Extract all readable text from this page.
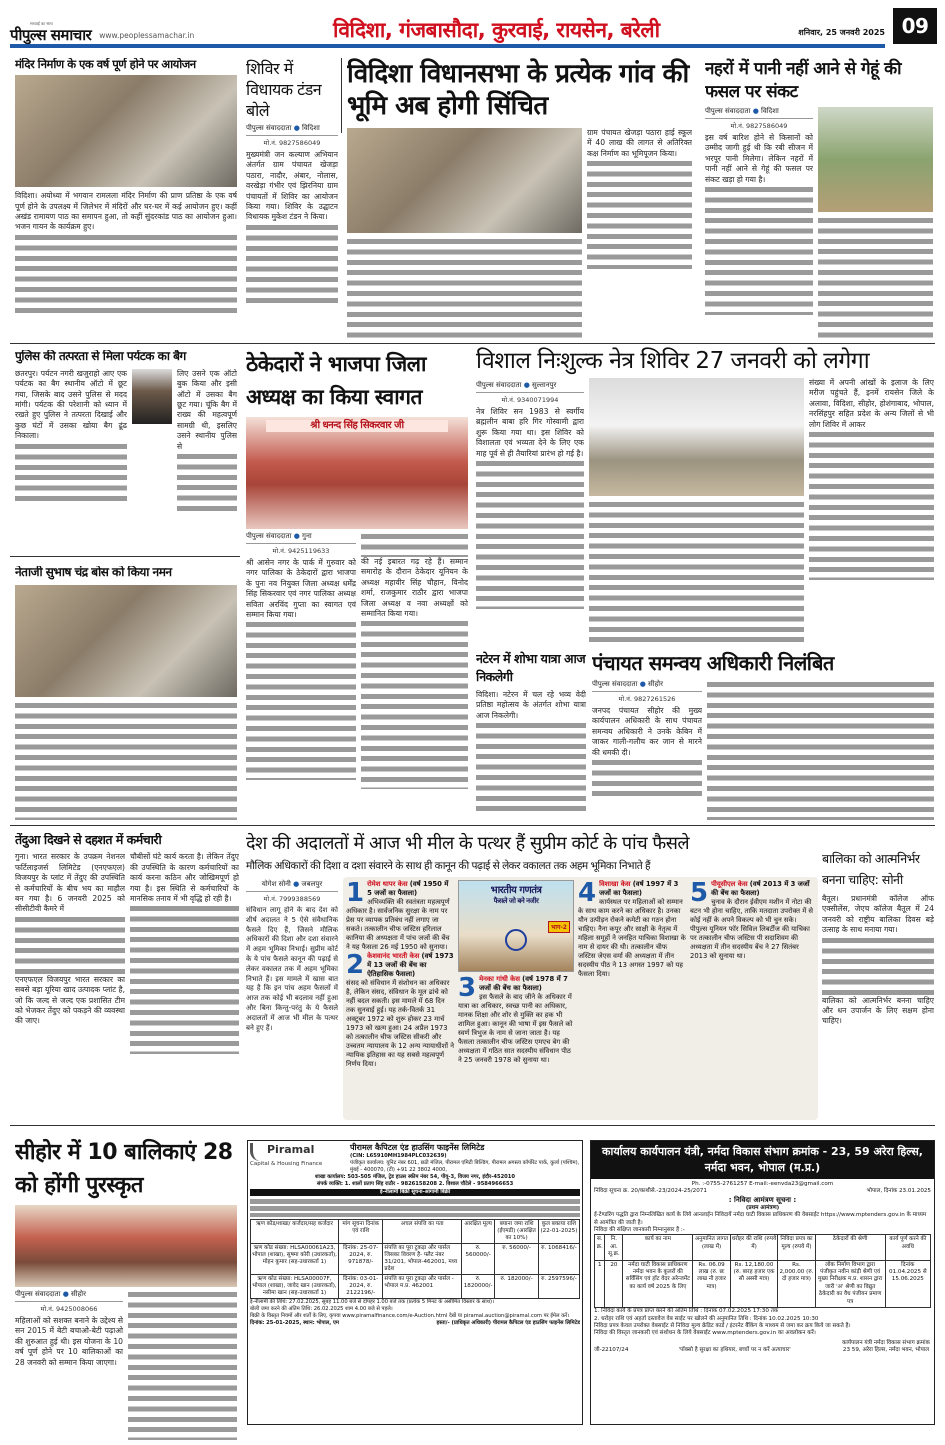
सच्चाई का साथ
पीपुल्स समाचार www.peoplessamachar.in	विदिशा, गंजबासौदा, कुरवाई, रायसेन, बरेली	शनिवार, 25 जनवरी 2025 09
मंदिर निर्माण के एक वर्ष पूर्ण होने पर आयोजन
विदिशा। अयोध्या में भगवान रामलला मंदिर निर्माण की प्राण प्रतिष्ठा के एक वर्ष पूर्ण होने के उपलक्ष्य में जिलेभर में मंदिरों और घर-घर में कई आयोजन हुए। कहीं अखंड रामायण पाठ का समापन हुआ, तो कहीं सुंदरकांड पाठ का आयोजन हुआ। भजन गायन के कार्यक्रम हुए।
शिविर में विधायक टंडन बोले
पीपुल्स संवाददाता ● विदिशा
मो.नं. 9827586049
मुख्यमंत्री जन कल्याण अभियान अंतर्गत ग्राम पंचायत खेजड़ा पठारा, नादौर, अंबार, नोलास, वरखेड़ा गंभीर एवं झिरनिया ग्राम पंचायतों में शिविर का आयोजन किया गया। शिविर के उद्घाटन विधायक मुकेश टंडन ने किया।
विदिशा विधानसभा के प्रत्येक गांव की भूमि अब होगी सिंचित
ग्राम पंचायत खेजड़ा पठारा हाई स्कूल में 40 लाख की लागत से अतिरिक्त कक्ष निर्माण का भूमिपूजन किया।
नहरों में पानी नहीं आने से गेहूं की फसल पर संकट
पीपुल्स संवाददाता ● विदिशा
मो.नं. 9827586049
इस वर्ष बारिश होने से किसानों को उम्मीद जागी हुई थी कि रबी सीजन में भरपूर पानी मिलेगा। लेकिन नहरों में पानी नहीं आने से गेहूं की फसल पर संकट खड़ा हो गया है।
पुलिस की तत्परता से मिला पर्यटक का बैग
छतरपुर। पर्यटन नगरी खजुराहो आए एक पर्यटक का बैग स्थानीय ऑटो में छूट गया, जिसके बाद उसने पुलिस से मदद मांगी। पर्यटक की परेशानी को ध्यान में रखते हुए पुलिस ने तत्परता दिखाई और कुछ घंटों में उसका खोया बैग ढूंढ निकाला।
लिए उसने एक ऑटो बुक किया और इसी ऑटो में उसका बैग छूट गया। चूंकि बैग में राख्य की महत्वपूर्ण सामग्री थी, इसलिए उसने स्थानीय पुलिस से
ठेकेदारों ने भाजपा जिला अध्यक्ष का किया स्वागत
श्री धनन्द सिंह सिकरवार जी
पीपुल्स संवाददाता ● गुना
मो.नं. 9425119633
श्री आसेन नगर के पार्क में गुरुवार को नगर पालिका के ठेकेदारों द्वारा भाजपा के पुनः नव नियुक्त जिला अध्यक्ष धर्मेंद्र सिंह सिकरवार एवं नगर पालिका अध्यक्ष सविता अरविंद गुप्ता का स्वागत एवं सम्मान किया गया।
की नई इबारत गढ़ रहे हैं। सम्मान समारोह के दौरान ठेकेदार यूनियन के अध्यक्ष महावीर सिंह चौहान, विनोद शर्मा, राजकुमार राठौर द्वारा भाजपा जिला अध्यक्ष व नवा अध्यक्षों को सम्मानित किया गया।
विशाल निःशुल्क नेत्र शिविर 27 जनवरी को लगेगा
पीपुल्स संवाददाता ● सुल्तानपुर
मो.नं. 9340071994
नेत्र शिविर सन 1983 से स्वर्गीय ब्रह्मलीन बाबा हरि गिर गोस्वामी द्वारा शुरू किया गया था। इस शिविर को विशालता एवं भव्यता देने के लिए एक माह पूर्व से ही तैयारियां प्रारंभ हो गई है।
संख्या में अपनी आंखों के इलाज के लिए मरीज पहुंचते हैं, इनमें रायसेन जिले के अलावा, विदिशा, सीहोर, होशंगाबाद, भोपाल, नरसिंहपुर सहित प्रदेश के अन्य जिलों से भी लोग शिविर में आकर
नेताजी सुभाष चंद्र बोस को किया नमन
नटेरन में शोभा यात्रा आज निकलेगी
विदिशा। नटेरन में चल रहे भव्य वेदी प्रतिष्ठा महोत्सव के अंतर्गत शोभा यात्रा आज निकलेगी।
पंचायत समन्वय अधिकारी निलंबित
पीपुल्स संवाददाता ● सीहोर
मो.नं. 9827261526
जनपद पंचायत सीहोर की मुख्य कार्यपालन अधिकारी के साथ पंचायत समन्वय अधिकारी ने उनके केबिन में जाकर गाली-गलौच कर जान से मारने की धमकी दी।
तेंदुआ दिखने से दहशत में कर्मचारी
गुना। भारत सरकार के उपक्रम नेशनल फर्टिलाइजर्स लिमिटेड (एनएफएल) विजयपुर के प्लांट में तेंदुए की उपस्थिति से कर्मचारियों के बीच भय का माहौल बन गया है। 6 जनवरी 2025 को सीसीटीवी कैमरे में
एनएफएल विजयपुर भारत सरकार का सबसे बड़ा यूरिया खाद उत्पादक प्लांट है, जो कि जल्द से जल्द एक प्रशासित टीम को भेजकर तेंदुए को पकड़ने की व्यवस्था की जाए।
चौबीसों घंटे कार्य करता है। लेकिन तेंदुए की उपस्थिति के कारण कर्मचारियों का कार्य करना कठिन और जोखिमपूर्ण हो गया है। इस स्थिति से कर्मचारियों के मानसिक तनाव में भी वृद्धि हो रही है।
देश की अदालतों में आज भी मील के पत्थर हैं सुप्रीम कोर्ट के पांच फैसले
मौलिक अधिकारों की दिशा व दशा संवारने के साथ ही कानून की पढ़ाई से लेकर वकालत तक अहम भूमिका निभाते हैं
योगेश सोनी ● जबलपुर
मो.नं. 7999388569
संविधान लागू होने के बाद देश को शीर्ष अदालत ने 5 ऐसे संवैधानिक फैसले दिए हैं, जिसने मौलिक अधिकारों की दिशा और दशा संवारने में अहम भूमिका निभाई। सुप्रीम कोर्ट के ये पांच फैसले कानून की पढ़ाई से लेकर वकालत तक में अहम भूमिका निभाते हैं। इस मामले में खास बात यह है कि इन पांच अहम फैसलों में आज तक कोई भी बदलाव नहीं हुआ और बिना किन्तु-परंतु के ये फैसले अदालतों में आज भी मील के पत्थर बने हुए हैं।
1 रोमेश थापर केस (वर्ष 1950 में 5 जजों का फैसला)
अभिव्यक्ति की स्वतंत्रता महत्वपूर्ण अधिकार है। सार्वजनिक सुरक्षा के नाम पर प्रेस पर व्यापक प्रतिबंध नहीं लगाए जा सकते। तत्कालीन चीफ जस्टिस हरिलाल कानिया की अध्यक्षता में पांच जजों की बेंच ने यह फैसला 26 मई 1950 को सुनाया।
2 केशवानंद भारती केस (वर्ष 1973 में 13 जजों की बेंच का ऐतिहासिक फैसला)
संसद को संविधान में संशोधन का अधिकार है, लेकिन संसद, संविधान के मूल ढांचे को नहीं बदल सकती। इस मामले में 68 दिन तक सुनवाई हुई। यह तर्क-वितर्क 31 अक्टूबर 1972 को शुरू होकर 23 मार्च 1973 को खत्म हुआ। 24 अप्रैल 1973 को तत्कालीन चीफ जस्टिस सीकरी और उच्चतम न्यायालय के 12 अन्य न्यायाधीशों ने न्यायिक इतिहास का यह सबसे महत्वपूर्ण निर्णय दिया।
भारतीय गणतंत्र
फैसले जो बने नजीर
भाग-2
3 मेनका गांधी केस (वर्ष 1978 में 7 जजों की बेंच का फैसला)
इस फैसले के बाद जीने के अधिकार में यात्रा का अधिकार, स्वच्छ पानी का अधिकार, मानक शिक्षा और शोर से मुक्ति का हक भी शामिल हुआ। कानून की भाषा में इस फैसले को स्वर्ण त्रिभुज के नाम से जाना जाता है। यह फैसला तत्कालीन चीफ जस्टिस एमएच बेग की अध्यक्षता में गठित सात सदस्यीय संविधान पीठ ने 25 जनवरी 1978 को सुनाया था।
4 विशाखा केस (वर्ष 1997 में 3 जजों का फैसला)
कार्यस्थल पर महिलाओं को सम्मान के साथ काम करने का अधिकार है। उनका यौन उत्पीड़न रोकने कमेटी का गठन होना चाहिए। नैना कपूर और साक्षी के नेतृत्व में महिला समूहों ने जनहित याचिका विशाखा के नाम से दायर की थी। तत्कालीन चीफ जस्टिस जेएस वर्मा की अध्यक्षता में तीन सदस्यीय पीठ ने 13 अगस्त 1997 को यह फैसला दिया।
5 पीयूसीएल केस (वर्ष 2013 में 3 जजों की बेंच का फैसला)
चुनाव के दौरान ईवीएम मशीन में नोटा की बटन भी होना चाहिए, ताकि मतदाता उपरोक्त में से कोई नहीं के अपने विकल्प को भी चुन सके। पीपुल्स यूनियन फॉर सिविल लिबर्टीज की याचिका पर तत्कालीन चीफ जस्टिस पी सदाशिवम की अध्यक्षता में तीन सदस्यीय बेंच ने 27 सितंबर 2013 को सुनाया था।
बालिका को आत्मनिर्भर बनना चाहिए: सोनी
बैतूल। प्रधानमंत्री कॉलेज ऑफ एक्सीलेंस, जेएच कॉलेज बैतूल में 24 जनवरी को राष्ट्रीय बालिका दिवस बड़े उत्साह के साथ मनाया गया।
बालिका को आत्मनिर्भर बनना चाहिए और धन उपार्जन के लिए सक्षम होना चाहिए।
सीहोर में 10 बालिकाएं 28 को होंगी पुरस्कृत
पीपुल्स संवाददाता ● सीहोर
मो.नं. 9425008066
महिलाओं को सशक्त बनाने के उद्देश्य से सन 2015 में बेटी बचाओ-बेटी पढ़ाओ की शुरुआत हुई थी। इस योजना के 10 वर्ष पूर्ण होने पर 10 बालिकाओं का 28 जनवरी को सम्मान किया जाएगा।
Piramal
Capital & Housing Finance
पीरामल कैपिटल एंड हाउसिंग फाइनेंस लिमिटेड
(CIN: L65910MH1984PLC032639)
पंजीकृत कार्यालय: यूनिट नंबर 601, छठी मंजिल, पीरामल एमिटी बिल्डिंग, पीरामल अगस्त्य कॉर्पोरेट पार्क, कुर्ला (पश्चिम), मुंबई - 400070, (टी) +91 22 3802 4000,
शाखा कार्यालय: 503-505 मंजिल, ट्रेड हाउस स्कीम नंबर 54, पीयू-3, विजय नगर, इंदौर-452010
संपर्क व्यक्ति: 1. शालों प्रताप सिंह राठौर - 9826158208 2. विशाल चौटेले - 9584966653
ई-नीलामी बिक्री सूचना-आगामी बिक्री
ऋण कोड/शाखा/ कर्जदार/सह कर्जदार	मांग सूचना दिनांक एवं राशि	अचल संपत्ति का पता	आरक्षित मूल्य	बयाना जमा राशि (ईएमडी) (आरक्षित का 10%)	कुल बकाया राशि (22-01-2025)
ऋण कोड संख्या: HLSA00061A23, भोपाल (शाखा), सुषमा कोरी (उधारकर्ता), मोहन कुमार (सह-उधारकर्ता 1)	दिनांक: 25-07-2024, रु. 971878/-	संपत्ति का पूरा टुकड़ा और पार्सल जिसका विवरण है- फ्लैट नंबर 31/201, भोपाल-462001, मध्य प्रदेश	रु. 560000/-	रु. 56000/-	रु. 1068416/-
ऋण कोड संख्या: HLSA00007F, भोपाल (शाखा), जावेद खान (उधारकर्ता), नसीमा खान (सह-उधारकर्ता 1)	दिनांक: 03-01-2024, रु. 2122196/-	संपत्ति का पूरा टुकड़ा और पार्सल - भोपाल म.प्र. 462001	रु. 1820000/-	रु. 182000/-	रु. 2597596/-
ई-नीलामी की तिथि: 27.02.2025, सुबह 11.00 बजे से दोपहर 1.00 बजे तक (प्रत्येक 5 मिनट के असीमित विस्तार के साथ)।
बोली जमा करने की अंतिम तिथि: 26.02.2025 शाम 4.00 बजे से पहले।
बिक्री के विस्तृत नियमों और शर्तों के लिए, कृपया www.piramalfinance.com/e-Auction.html देखें या piramal.auction@piramal.com पर ईमेल करें।
दिनांक: 25-01-2025, स्थान: भोपाल, एम	हस्ता/- (प्राधिकृत अधिकारी) पीरामल कैपिटल एंड हाउसिंग फाइनेंस लिमिटेड
कार्यालय कार्यपालन यंत्री, नर्मदा विकास संभाग क्रमांक - 23, 59 अरेरा हिल्स, नर्मदा भवन, भोपाल (म.प्र.)
Ph. :-0755-2761257 E-mail:-eenvda23@gmail.com
निविदा सूचना क्र. 20/काशीसे.-23/2024-25/2071	भोपाल, दिनांक 23.01.2025
: निविदा आमंत्रण सूचना :
(प्रथम आमंत्रण)
ई-टेण्डरिंग पद्धति द्वारा निम्नलिखित कार्य के लिये आनलाईन निविदायें नर्मदा घाटी विकास प्राधिकरण की वेबसाईट https://www.mptenders.gov.in के माध्यम से आमंत्रित की जाती है।
निविदा की संक्षिप्त जानकारी निम्नानुसार है :-
स. क्र.	नि. आ. सू.क्र.	कार्य का नाम	अनुमानित लागत (लाख में)	धरोहर की राशि (रुपये में)	निविदा प्रपत्र का मूल्य (रुपये में)	ठेकेदारों की श्रेणी	कार्य पूर्ण करने की अवधि
1	20	नर्मदा घाटी विकास प्राधिकरण नर्मदा भवन के कूलरों की सर्विसिंग एवं हॉट वेदर अरेन्जमेंट का कार्य वर्ष 2025 के लिए	Rs. 06.09 लाख (रु. छः लाख नौ हजार मात्र)	Rs. 12,180.00 (रु. बारह हजार एक सौ अस्सी मात्र)	Rs. 2,000.00 (रु. दो हजार मात्र)	लोक निर्माण विभाग द्वारा पंजीकृत नवीन कांड़ी श्रेणी एवं मुख्य निरीक्षक म.प्र. शासन द्वारा जारी 'अ' श्रेणी का विद्युत ठेकेदारी का वैध पंजीयन प्रमाण पत्र	दिनांक 01.04.2025 से 15.06.2025
1. निविदा कार्य के प्रपत्र प्राप्त करने की अंतिम तिथि : दिनांक 07.02.2025 17:30 तक
2. धरोहर राशि एवं अहर्ता दस्तावेज वेब साईट पर खोलने की अनुमानित तिथि : दिनांक 10.02.2025 10:30
निविदा प्रपत्र केवल उपरोक्त वेबसाईट से निविदा मूल्य क्रेडिट कार्ड / इंटरनेट बैंकिंग के माध्यम से जमा कर क्रय किये जा सकते है।
निविदा की विस्तृत जानकारी एवं संशोधन के लिये वेबसाईट www.mptenders.gov.in का अवलोकन करें।
जी-22107/24	'पॉक्सो है सुरक्षा का हथियार, बच्चों पर न करें अत्याचार'
कार्यपालन यंत्री नर्मदा विकास संभाग क्रमांक 23 59, अरेरा हिल्स, नर्मदा भवन, भोपाल
